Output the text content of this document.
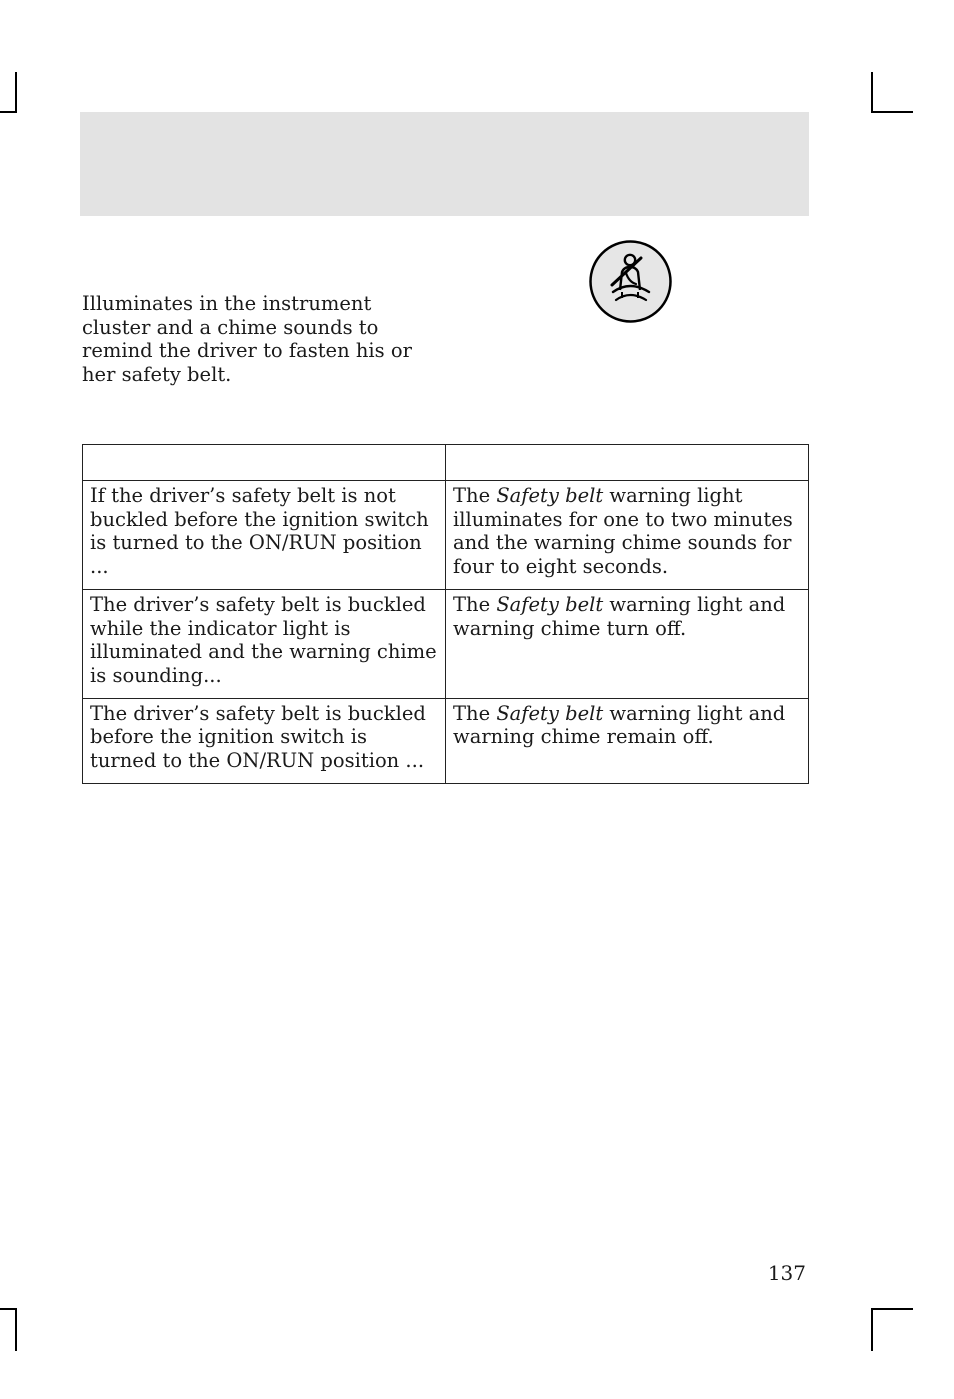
Illuminates in the instrument cluster and a chime sounds to remind the driver to fasten his or her safety belt.

If the driver’s safety belt is not buckled before the ignition switch is turned to the ON/RUN position ...	The Safety belt warning light illuminates for one to two minutes and the warning chime sounds for four to eight seconds.
The driver’s safety belt is buckled while the indicator light is illuminated and the warning chime is sounding...	The Safety belt warning light and warning chime turn off.
The driver’s safety belt is buckled before the ignition switch is turned to the ON/RUN position ...	The Safety belt warning light and warning chime remain off.
137
